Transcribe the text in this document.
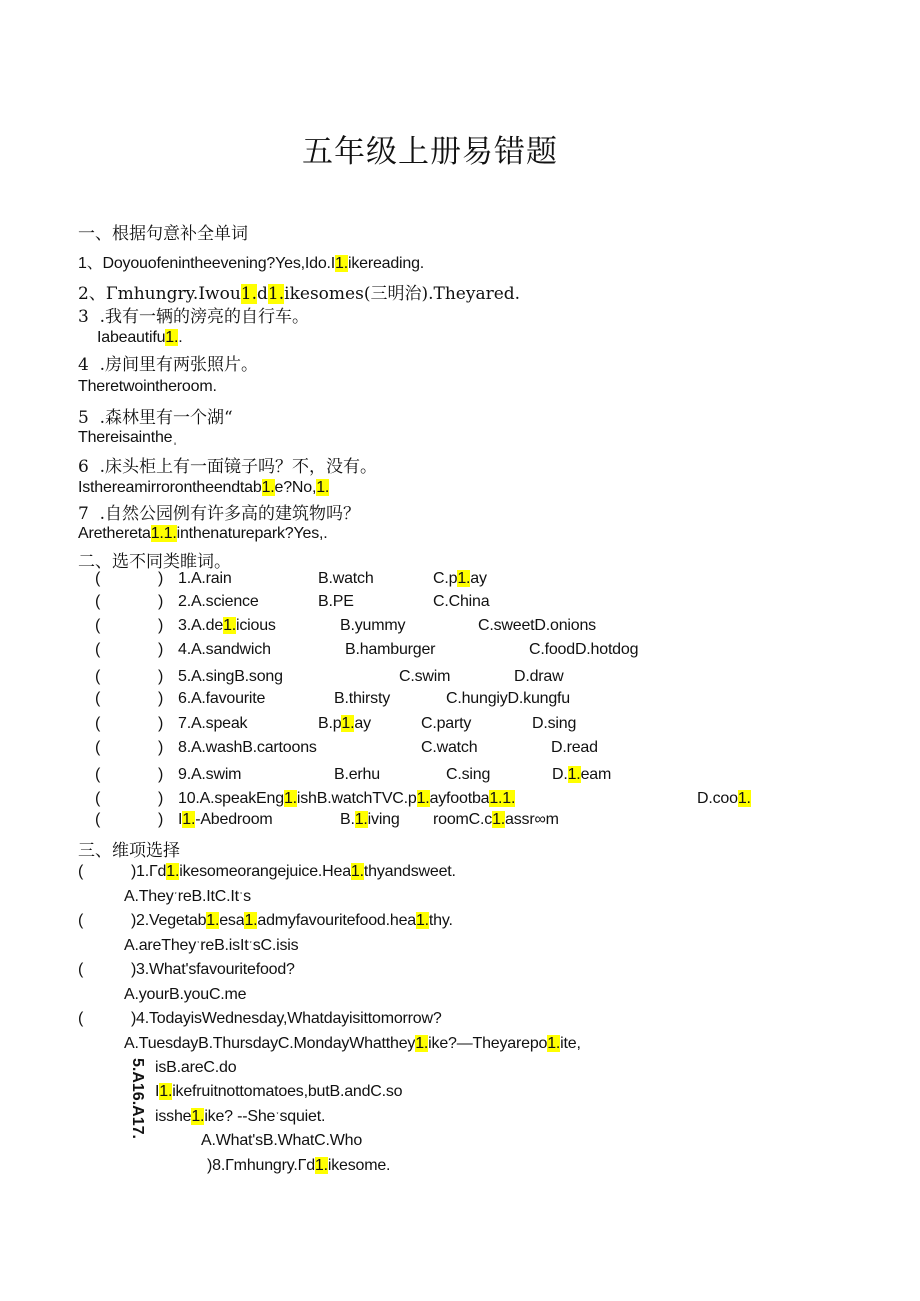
五年级上册易错题
一、根据句意补全单词
1、Doyouofenintheevening?Yes,Ido.I1.ikereading.
2、Γmhungry.Iwou1.d1.ikesomes(三明治).Theyared.
3  .我有一辆的滂亮的自行车。
Iabeautifu1..
4  .房间里有两张照片。
Theretwointheroom.
5  .森林里有一个湖“
Thereisaintheˌ
6  .床头柜上有一面镜子吗？不，没有。
Isthereamirrorontheendtab1.e?No,1.
7  .自然公园例有许多高的建筑物吗？
Arethereta1.1.inthenaturepark?Yes,.
二、选不同类睢词。
(	) 1.A.rain	B.watch	C.p1.ay
(	) 2.A.science	B.PE	C.China
(	) 3.A.de1.icious	B.yummy	C.sweetD.onions
(	) 4.A.sandwich	B.hamburger	C.foodD.hotdog
(	) 5.A.singB.song	C.swim	D.draw
(	) 6.A.favourite	B.thirsty	C.hungiyD.kungfu
(	) 7.A.speak	B.p1.ay	C.party	D.sing
(	) 8.A.washB.cartoons	C.watch	D.read
(	) 9.A.swim	B.erhu	C.sing	D.1.eam
(	) 10.A.speakEng1.ishB.watchTVC.p1.ayfootba1.1.	D.coo1.
(	) I1.-Abedroom	B.1.iving roomC.c1.assr∞m
三、维项选择
(	) 1.Γd1.ikesomeorangejuice.Hea1.thyandsweet.
A.TheyˑreB.ItC.Itˑs
(	) 2.Vegetab1.esa1.admyfavouritefood.hea1.thy.
A.areTheyˑreB.isItˑsC.isis
(	) 3.What'sfavouritefood?
A.yourB.youC.me
(	) 4.TodayisWednesday,Whatdayisittomorrow?
A.TuesdayB.ThursdayC.MondayWhatthey1.ike?—Theyarepo1.ite,
isB.areC.do
I1.ikefruitnottomatoes,butB.andC.so
isshe1.ike? --Sheˑsquiet.
A.What'sB.WhatC.Who
)8.Γmhungry.Γd1.ikesome.
5.A16.A17.
